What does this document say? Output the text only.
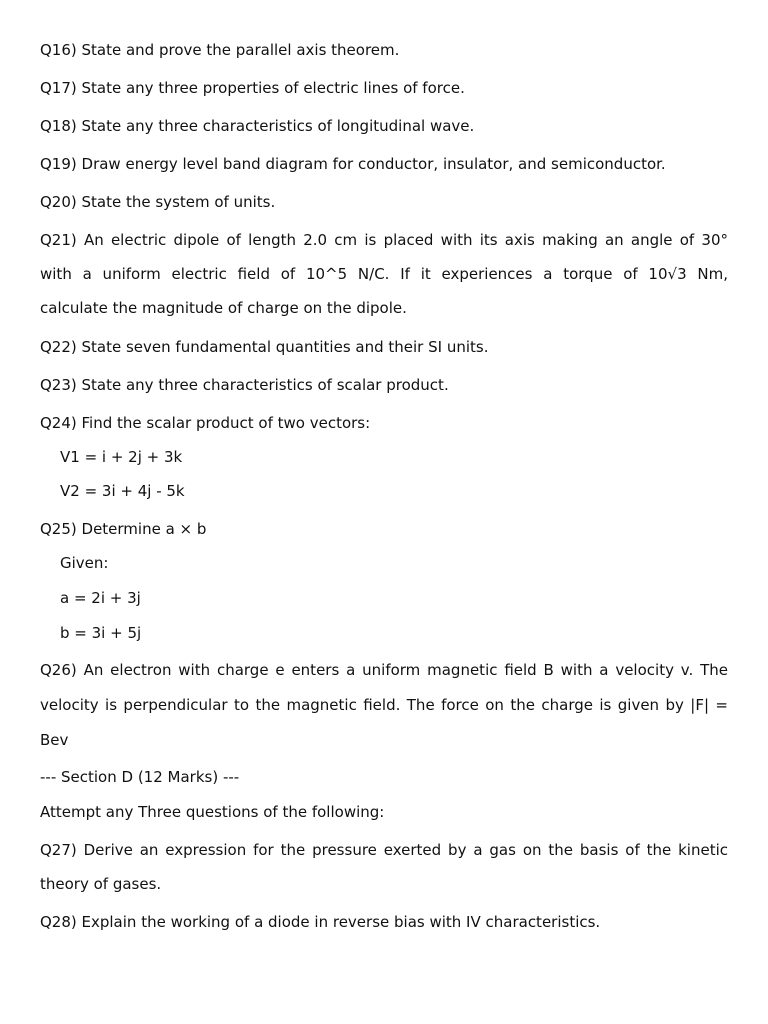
Q16) State and prove the parallel axis theorem.
Q17) State any three properties of electric lines of force.
Q18) State any three characteristics of longitudinal wave.
Q19) Draw energy level band diagram for conductor, insulator, and semiconductor.
Q20) State the system of units.
Q21) An electric dipole of length 2.0 cm is placed with its axis making an angle of 30°
with a uniform electric field of 10^5 N/C. If it experiences a torque of 10√3 Nm,
calculate the magnitude of charge on the dipole.
Q22) State seven fundamental quantities and their SI units.
Q23) State any three characteristics of scalar product.
Q24) Find the scalar product of two vectors:
V1 = i + 2j + 3k
V2 = 3i + 4j - 5k
Q25) Determine a × b
Given:
a = 2i + 3j
b = 3i + 5j
Q26) An electron with charge e enters a uniform magnetic field B with a velocity v. The
velocity is perpendicular to the magnetic field. The force on the charge is given by |F| =
Bev
--- Section D (12 Marks) ---
Attempt any Three questions of the following:
Q27) Derive an expression for the pressure exerted by a gas on the basis of the kinetic
theory of gases.
Q28) Explain the working of a diode in reverse bias with IV characteristics.
